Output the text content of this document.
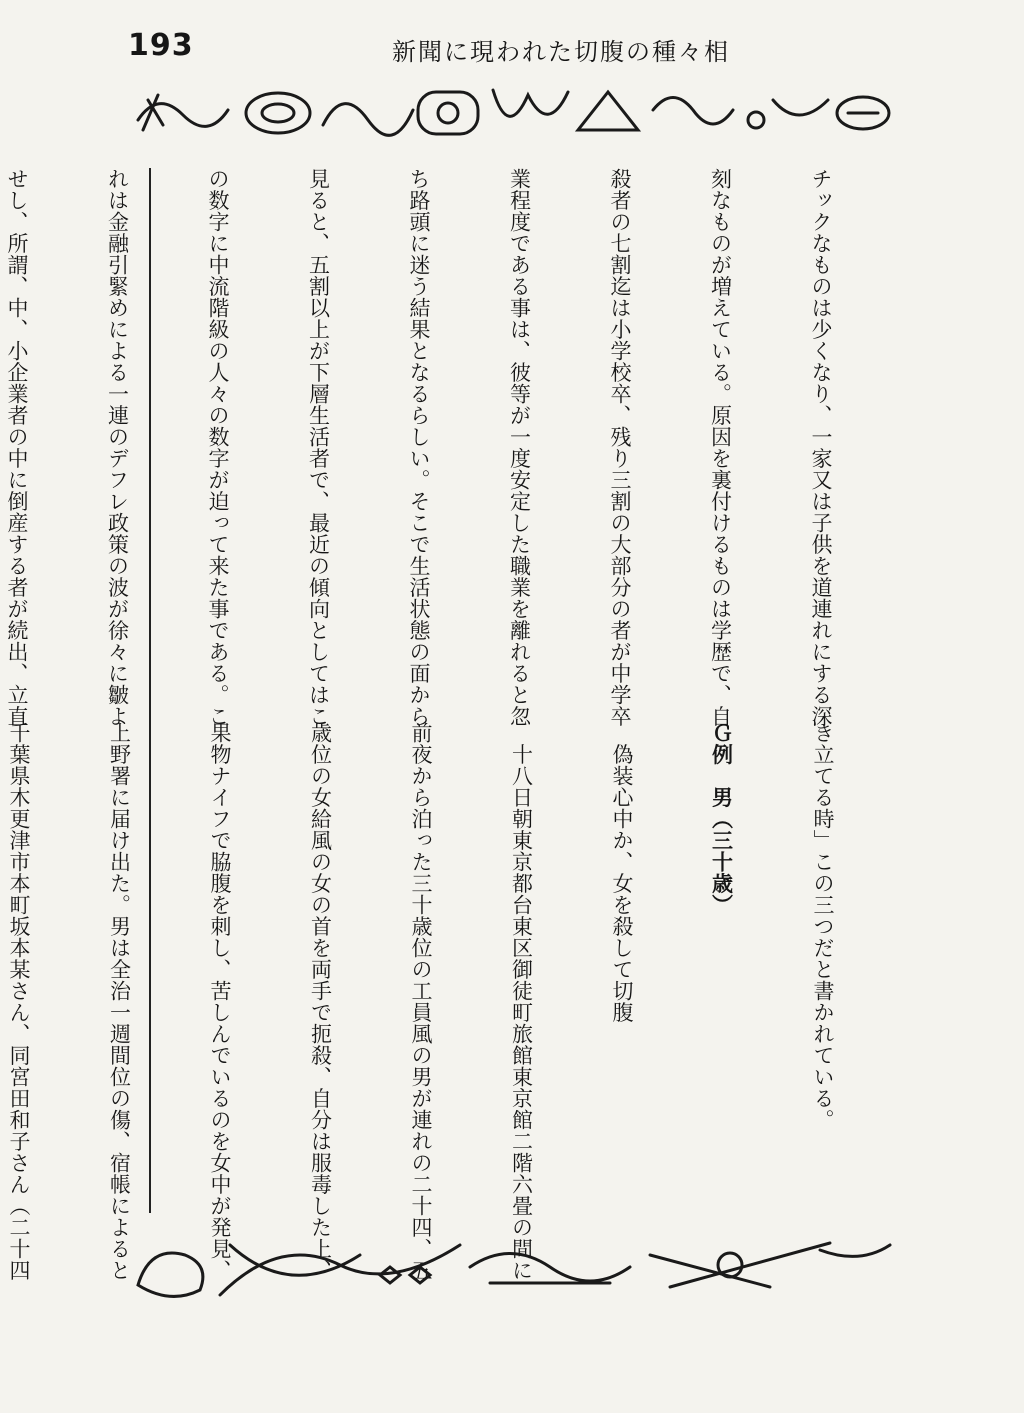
193	新聞に現われた切腹の種々相

チックなものは少くなり、一家又は子供を道連れにする深

刻なものが増えている。原因を裏付けるものは学歴で、自

殺者の七割迄は小学校卒、残り三割の大部分の者が中学卒

業程度である事は、彼等が一度安定した職業を離れると忽

ち路頭に迷う結果となるらしい。そこで生活状態の面から

見ると、五割以上が下層生活者で、最近の傾向としてはこ

の数字に中流階級の人々の数字が迫って来た事である。こ

れは金融引緊めによる一連のデフレ政策の波が徐々に皺よ

せし、所謂、中、小企業者の中に倒産する者が続出、立直

き立てる時」この三つだと書かれている。

Ｇ例　男（三十歳）

　偽装心中か、女を殺して切腹

　十八日朝東京都台東区御徒町旅館東京館二階六畳の間に

前夜から泊った三十歳位の工員風の男が連れの二十四、五

歳位の女給風の女の首を両手で扼殺、自分は服毒した上、

果物ナイフで脇腹を刺し、苦しんでいるのを女中が発見、

上野署に届け出た。男は全治一週間位の傷、宿帳によると

千葉県木更津市本町坂本某さん、同宮田和子さん（二十四
